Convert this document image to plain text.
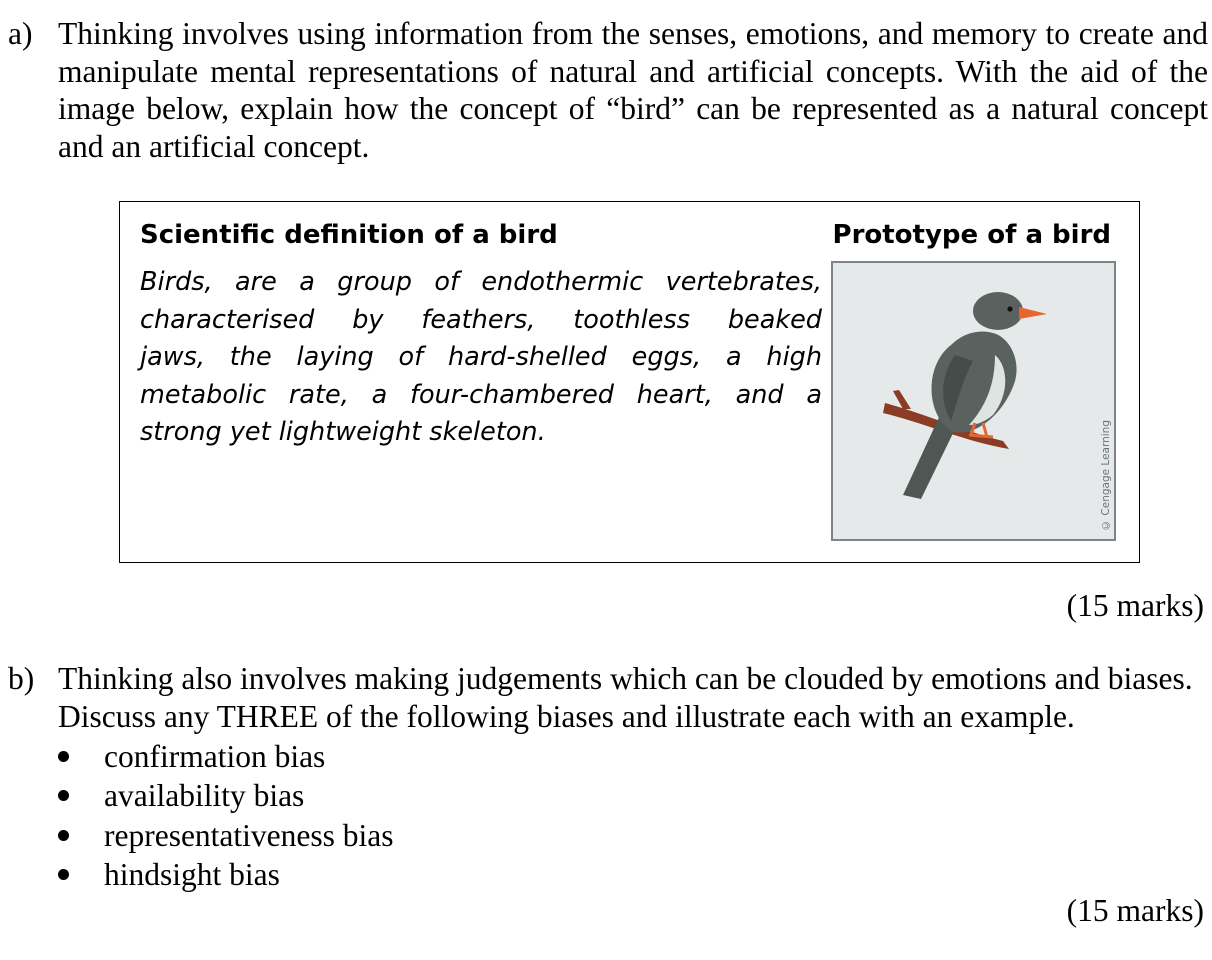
a) Thinking involves using information from the senses, emotions, and memory to create and manipulate mental representations of natural and artificial concepts. With the aid of the image below, explain how the concept of “bird” can be represented as a natural concept and an artificial concept.

Scientific definition of a bird
Birds, are a group of endothermic vertebrates,
characterised by feathers, toothless beaked
jaws, the laying of hard-shelled eggs, a high
metabolic rate, a four-chambered heart, and a
strong yet lightweight skeleton.
Prototype of a bird
© Cengage Learning
(15 marks)
b) Thinking also involves making judgements which can be clouded by emotions and biases. Discuss any THREE of the following biases and illustrate each with an example.

confirmation bias
availability bias
representativeness bias
hindsight bias
(15 marks)
